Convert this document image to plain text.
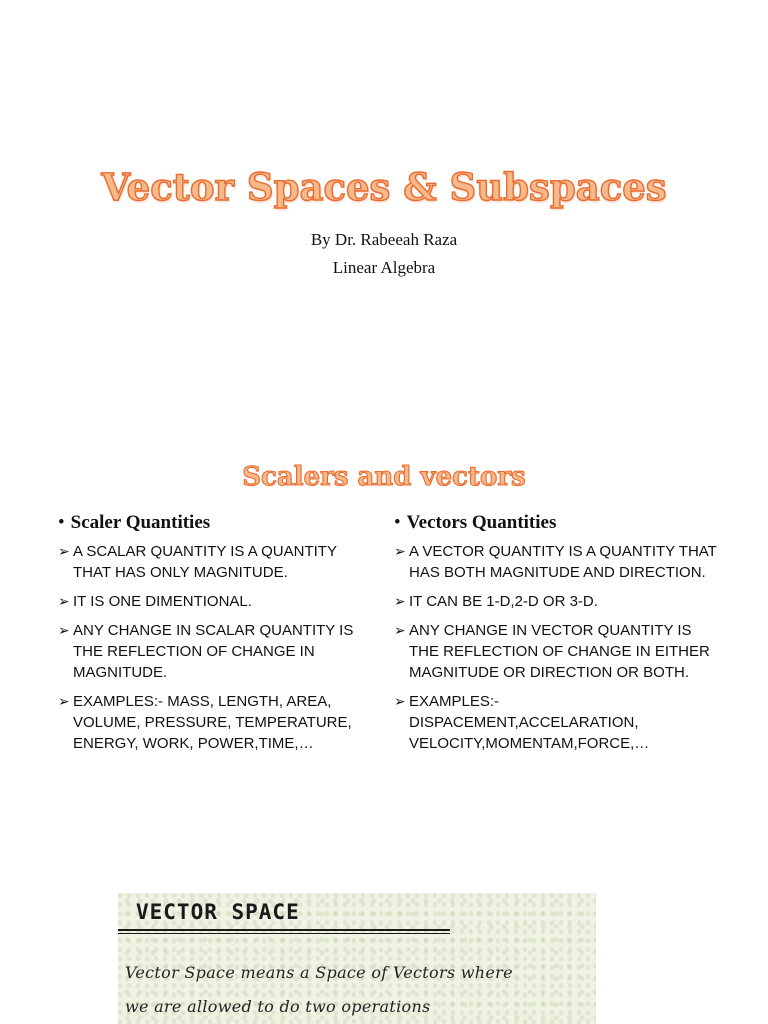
Vector Spaces & Subspaces
By Dr. Rabeeah Raza
Linear Algebra
Scalers and vectors
• Scaler Quantities
➢ A SCALAR QUANTITY IS A QUANTITY THAT HAS ONLY MAGNITUDE.
➢ IT IS ONE DIMENTIONAL.
➢ ANY CHANGE IN SCALAR QUANTITY IS THE REFLECTION OF CHANGE IN MAGNITUDE.
➢ EXAMPLES:- MASS, LENGTH, AREA, VOLUME, PRESSURE, TEMPERATURE, ENERGY, WORK, POWER,TIME,…
• Vectors Quantities
➢ A VECTOR QUANTITY IS A QUANTITY THAT HAS BOTH MAGNITUDE AND DIRECTION.
➢ IT CAN BE 1-D,2-D OR 3-D.
➢ ANY CHANGE IN VECTOR QUANTITY IS THE REFLECTION OF CHANGE IN EITHER MAGNITUDE OR DIRECTION OR BOTH.
➢ EXAMPLES:- DISPACEMENT,ACCELARATION, VELOCITY,MOMENTAM,FORCE,…
VECTOR SPACE
Vector Space means a Space of Vectors where
we are allowed to do two operations
